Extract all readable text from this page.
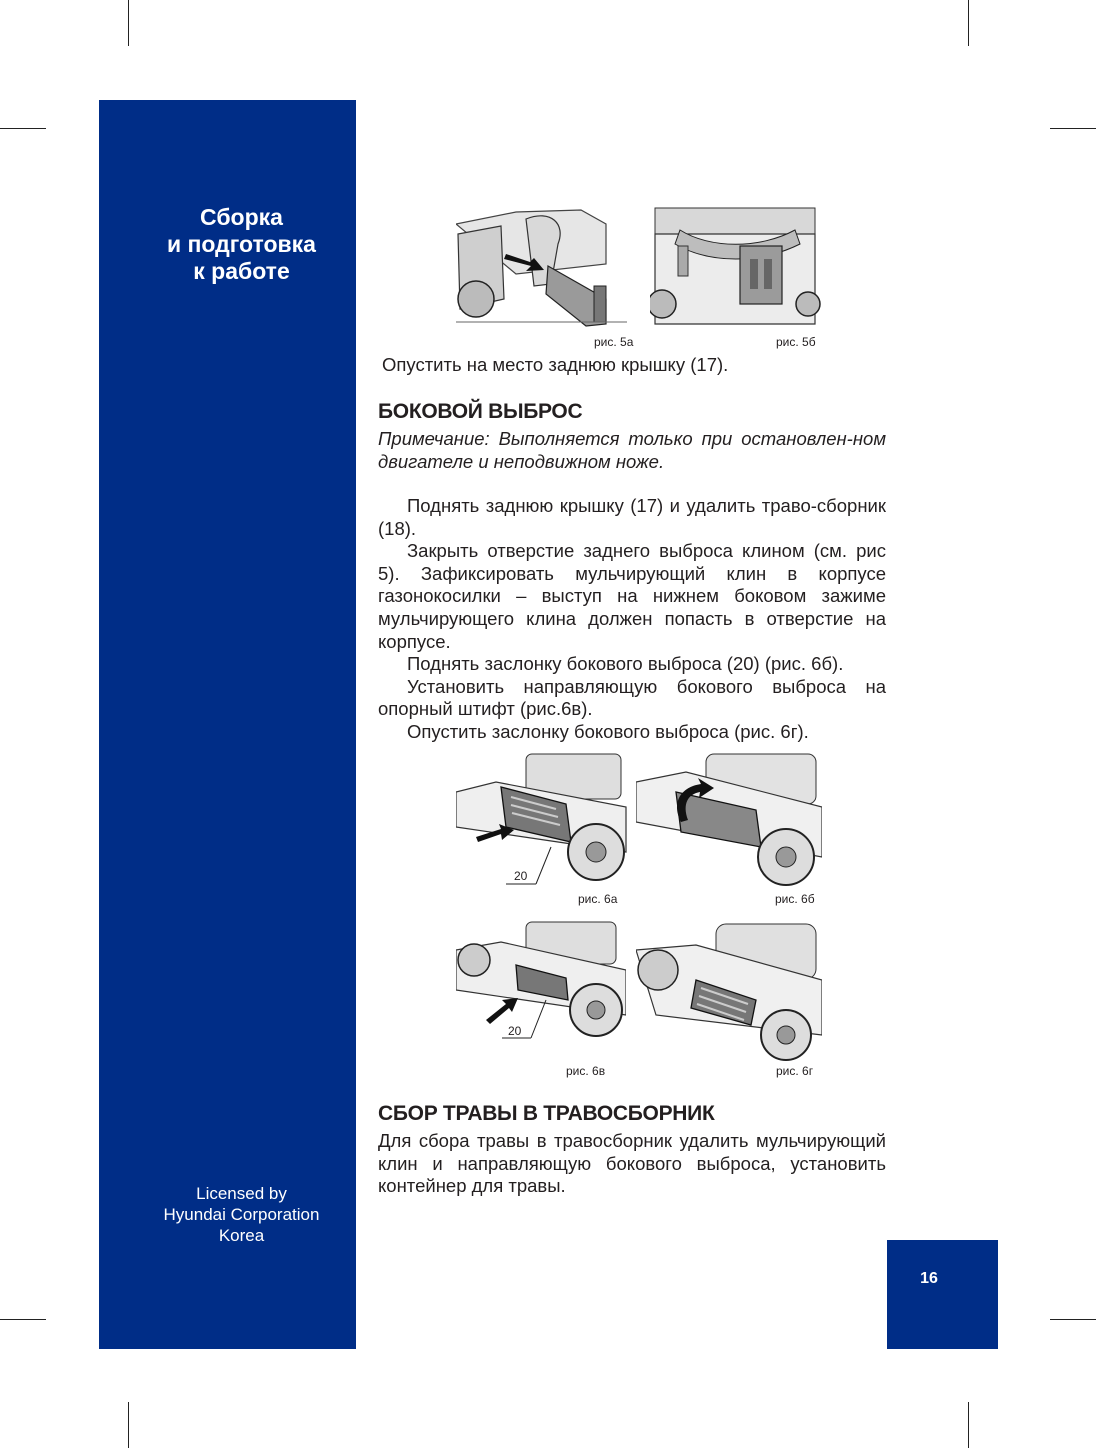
Сборка
и подготовка
к работе
Licensed by
Hyundai Corporation
Korea
рис. 5а	рис. 5б
Опустить на место заднюю крышку (17).
БОКОВОЙ ВЫБРОС
Примечание: Выполняется только при остановлен-ном двигателе и неподвижном ноже.

Поднять заднюю крышку (17) и удалить траво-сборник (18).

Закрыть отверстие заднего выброса клином (см. рис 5). Зафиксировать мульчирующий клин в корпусе газонокосилки – выступ на нижнем боковом зажиме мульчирующего клина должен попасть в отверстие на корпусе.

Поднять заслонку бокового выброса (20) (рис. 6б).

Установить направляющую бокового выброса на опорный штифт (рис.6в).

Опустить заслонку бокового выброса (рис. 6г).

20
рис. 6а	рис. 6б
20
рис. 6в	рис. 6г
СБОР ТРАВЫ В ТРАВОСБОРНИК

Для сбора травы в травосборник удалить мульчирующий клин и направляющую бокового выброса, установить контейнер для травы.

16
